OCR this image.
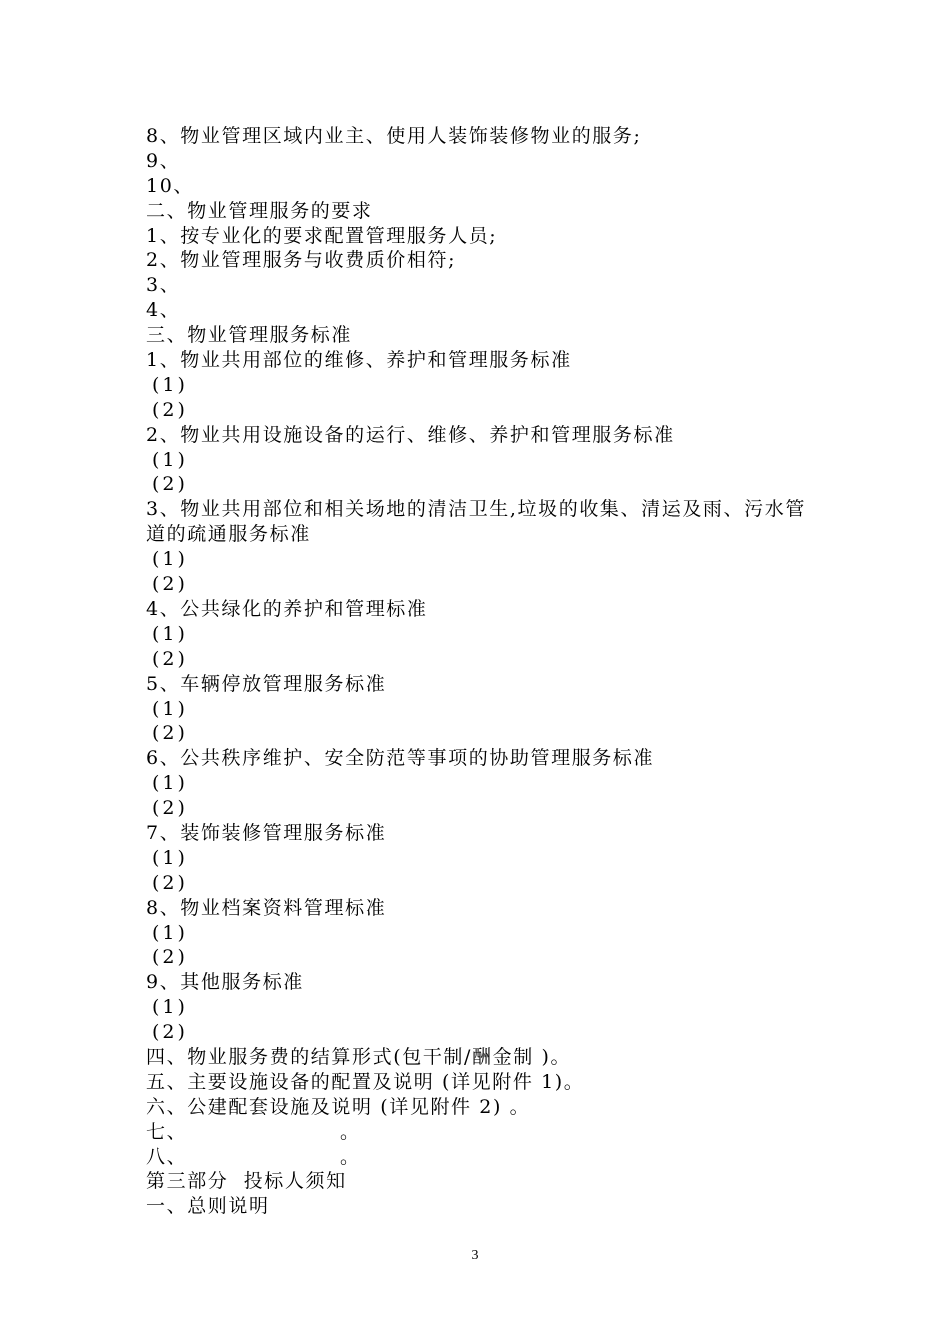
8、物业管理区域内业主、使用人装饰装修物业的服务;
9、
10、
二、物业管理服务的要求
1、按专业化的要求配置管理服务人员;
2、物业管理服务与收费质价相符;
3、
4、
三、物业管理服务标准
1、物业共用部位的维修、养护和管理服务标准
(1)
(2)
2、物业共用设施设备的运行、维修、养护和管理服务标准
(1)
(2)
3、物业共用部位和相关场地的清洁卫生,垃圾的收集、清运及雨、污水管道的疏通服务标准
(1)
(2)
4、公共绿化的养护和管理标准
(1)
(2)
5、车辆停放管理服务标准
(1)
(2)
6、公共秩序维护、安全防范等事项的协助管理服务标准
(1)
(2)
7、装饰装修管理服务标准
(1)
(2)
8、物业档案资料管理标准
(1)
(2)
9、其他服务标准
(1)
(2)
四、物业服务费的结算形式(包干制/酬金制 )。
五、主要设施设备的配置及说明 (详见附件 1)。
六、公建配套设施及说明 (详见附件 2) 。
七、                    。
八、                    。
第三部分  投标人须知
一、总则说明
3
